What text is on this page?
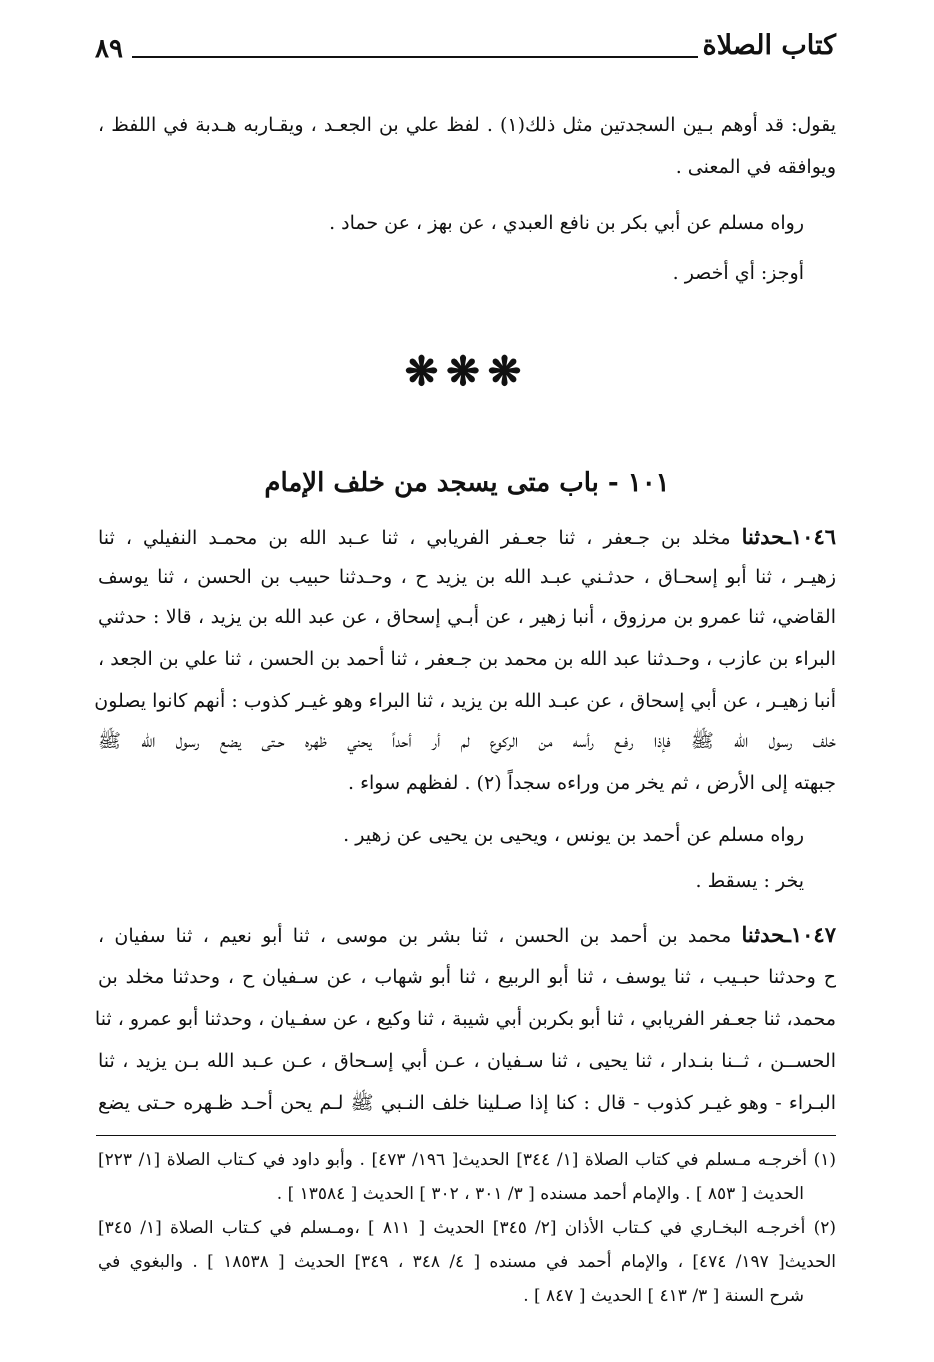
كتاب الصلاة
٨٩
يقول: قد أوهم بـين السجدتين مثل ذلك(١) . لفظ علي بن الجعـد ، ويقـاربه هـدبة في اللفظ ،
ويوافقه في المعنى .
رواه مسلم عن أبي بكر بن نافع العبدي ، عن بهز ، عن حماد .
أوجز: أي أخصر .
❋❋❋
١٠١ - باب متى يسجد من خلف الإمام
١٠٤٦ـحدثنا مخلد بن جـعفر ، ثنا جعـفر الفريابي ، ثنا عـبد الله بن محمـد النفيلي ، ثنا
زهيـر ، ثنا أبو إسحـاق ، حدثـني عبـد الله بن يزيد ح ، وحـدثنا حبيب بن الحسن ، ثنا يوسف
القاضي، ثنا عمرو بن مرزوق ، أنبا زهير ، عن أبـي إسحاق ، عن عبد الله بن يزيد ، قالا : حدثني
البراء بن عازب ، وحـدثنا عبد الله بن محمد بن جـعفر ، ثنا أحمد بن الحسن ، ثنا علي بن الجعد ،
أنبا زهيـر ، عن أبي إسحاق ، عن عبـد الله بن يزيد ، ثنا البراء وهو غيـر كذوب : أنهم كانوا يصلون
خلف رسول الله ﷺ فإذا رفـع رأسه من الركوع لم أر أحداً يحني ظهره حـتى يضع رسول الله ﷺ
جبهته إلى الأرض ، ثم يخر من وراءه سجداً (٢) . لفظهم سواء .
رواه مسلم عن أحمد بن يونس ، ويحيى بن يحيى عن زهير .
يخر : يسقط .
١٠٤٧ـحدثنا محمد بن أحمد بن الحسن ، ثنا بشر بن موسى ، ثنا أبو نعيم ، ثنا سفيان ،
ح وحدثنا حبـيب ، ثنا يوسف ، ثنا أبو الربيع ، ثنا أبو شهاب ، عن سـفيان ح ، وحدثنا مخلد بن
محمد، ثنا جعـفر الفريابي ، ثنا أبو بكربن أبي شيبة ، ثنا وكيع ، عن سفـيان ، وحدثنا أبو عمرو ، ثنا
الحســن ، ثــنا بنـدار ، ثنا يحيى ، ثنا سـفيان ، عـن أبي إسـحاق ، عـن عـبد الله بـن يزيد ، ثنا
البـراء - وهو غيـر كذوب - قال : كنا إذا صـلينا خلف النـبي ﷺ لـم يحن أحـد ظـهره حـتى يضع
(١) أخرجـه مـسلم في كتاب الصلاة [١/ ٣٤٤] الحديث[ ١٩٦/ ٤٧٣] . وأبو داود في كـتاب الصلاة [١/ ٢٢٣]
الحديث [ ٨٥٣ ] . والإمام أحمد مسنده [ ٣/ ٣٠١ ، ٣٠٢ ] الحديث [ ١٣٥٨٤ ] .
(٢) أخرجـه البخـاري في كـتاب الأذان [٢/ ٣٤٥] الحديث [ ٨١١ ] ،ومـسلم في كـتاب الصلاة [١/ ٣٤٥]
الحديث[ ١٩٧/ ٤٧٤] ، والإمام أحمد في مسنده [ ٤/ ٣٤٨ ، ٣٤٩] الحديث [ ١٨٥٣٨ ] . والبغوي في
شرح السنة [ ٣/ ٤١٣ ] الحديث [ ٨٤٧ ] .
